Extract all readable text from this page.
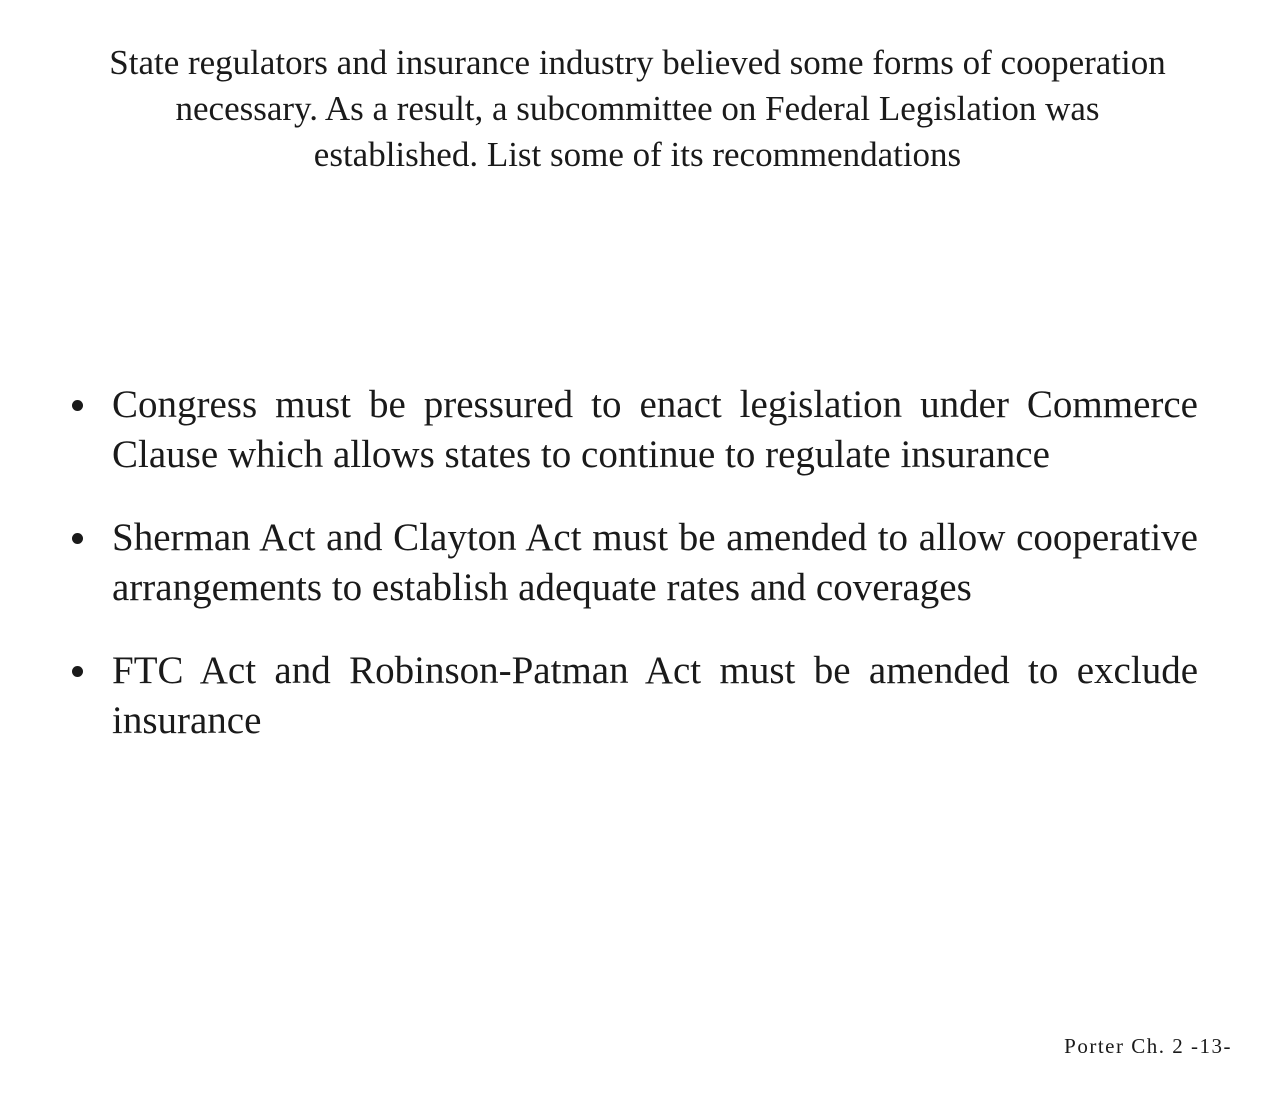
State regulators and insurance industry believed some forms of cooperation
necessary. As a result, a subcommittee on Federal Legislation was
established. List some of its recommendations
Congress must be pressured to enact legislation under Commerce Clause which allows states to continue to regulate insurance
Sherman Act and Clayton Act must be amended to allow cooperative arrangements to establish adequate rates and coverages
FTC Act and Robinson-Patman Act must be amended to exclude insurance
Porter Ch. 2 -13-
